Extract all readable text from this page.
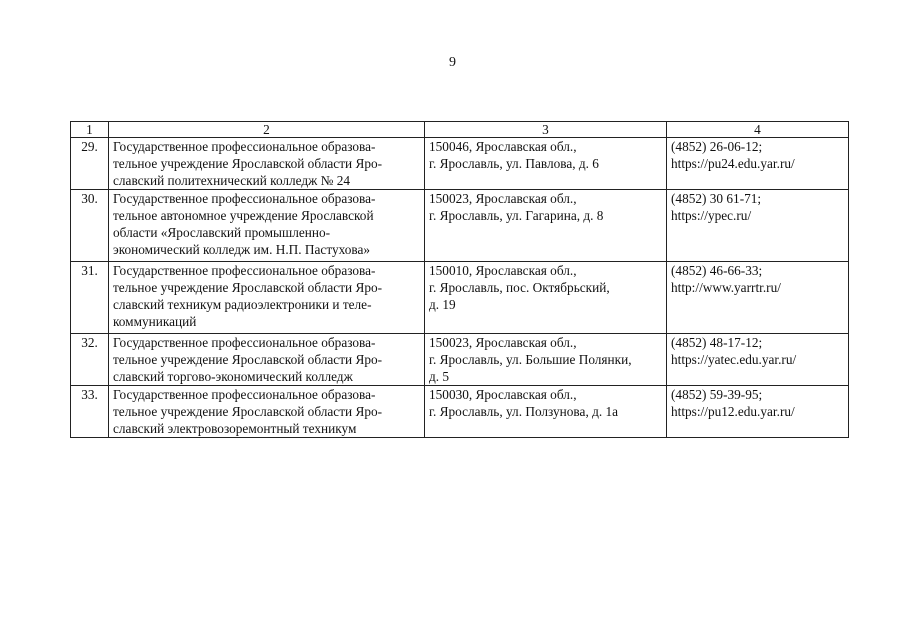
9
1	2	3	4
29.	Государственное профессиональное образова-
тельное учреждение Ярославской области Яро-
славский политехнический колледж № 24	150046, Ярославская обл.,
г. Ярославль, ул. Павлова, д. 6	(4852) 26-06-12;
https://pu24.edu.yar.ru/

30.	Государственное профессиональное образова-
тельное автономное учреждение Ярославской
области «Ярославский промышленно-
экономический колледж им. Н.П. Пастухова»	150023, Ярославская обл.,
г. Ярославль, ул. Гагарина, д. 8	(4852) 30 61-71;
https://ypec.ru/

31.	Государственное профессиональное образова-
тельное учреждение Ярославской области Яро-
славский техникум радиоэлектроники и теле-
коммуникаций	150010, Ярославская обл.,
г. Ярославль, пос. Октябрьский,
д. 19	(4852) 46-66-33;
http://www.yarrtr.ru/

32.	Государственное профессиональное образова-
тельное учреждение Ярославской области Яро-
славский торгово-экономический колледж	150023, Ярославская обл.,
г. Ярославль, ул. Большие Полянки,
д. 5	(4852) 48-17-12;
https://yatec.edu.yar.ru/

33.	Государственное профессиональное образова-
тельное учреждение Ярославской области Яро-
славский электровозоремонтный техникум	150030, Ярославская обл.,
г. Ярославль, ул. Ползунова, д. 1а	(4852) 59-39-95;
https://pu12.edu.yar.ru/
